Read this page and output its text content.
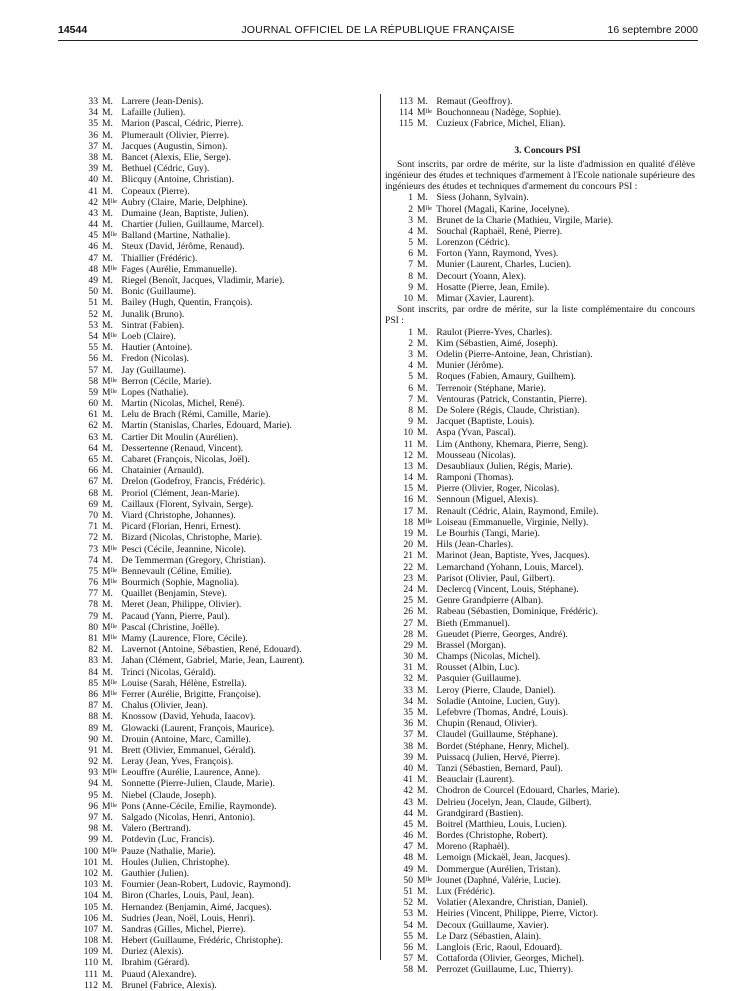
14544	JOURNAL OFFICIEL DE LA RÉPUBLIQUE FRANÇAISE	16 septembre 2000
33 M. Larrere (Jean-Denis).
34 M. Lafaille (Julien).
35 M. Marion (Pascal, Cédric, Pierre).
36 M. Plumerault (Olivier, Pierre).
37 M. Jacques (Augustin, Simon).
38 M. Bancet (Alexis, Elie, Serge).
39 M. Bethuel (Cédric, Guy).
40 M. Blicquy (Antoine, Christian).
41 M. Copeaux (Pierre).
42 $M^{lle}$ Aubry (Claire, Marie, Delphine).
43 M. Dumaine (Jean, Baptiste, Julien).
44 M. Chartier (Julien, Guillaume, Marcel).
45 $M^{lle}$ Balland (Martine, Nathalie).
46 M. Steux (David, Jérôme, Renaud).
47 M. Thiallier (Frédéric).
48 $M^{lle}$ Fages (Aurélie, Emmanuelle).
49 M. Riegel (Benoît, Jacques, Vladimir, Marie).
50 M. Bonic (Guillaume).
51 M. Bailey (Hugh, Quentin, François).
52 M. Junalik (Bruno).
53 M. Sintrat (Fabien).
54 $M^{lle}$ Loeb (Claire).
55 M. Hautier (Antoine).
56 M. Fredon (Nicolas).
57 M. Jay (Guillaume).
58 $M^{lle}$ Berron (Cécile, Marie).
59 $M^{lle}$ Lopes (Nathalie).
60 M. Martin (Nicolas, Michel, René).
61 M. Lelu de Brach (Rémi, Camille, Marie).
62 M. Martin (Stanislas, Charles, Edouard, Marie).
63 M. Cartier Dit Moulin (Aurélien).
64 M. Dessertenne (Renaud, Vincent).
65 M. Cabaret (François, Nicolas, Joël).
66 M. Chatainier (Arnauld).
67 M. Drelon (Godefroy, Francis, Frédéric).
68 M. Proriol (Clément, Jean-Marie).
69 M. Caillaux (Florent, Sylvain, Serge).
70 M. Viard (Christophe, Johannes).
71 M. Picard (Florian, Henri, Ernest).
72 M. Bizard (Nicolas, Christophe, Marie).
73 $M^{lle}$ Pesci (Cécile, Jeannine, Nicole).
74 M. De Temmerman (Gregory, Christian).
75 $M^{lle}$ Bennevault (Céline, Emilie).
76 $M^{lle}$ Bourmich (Sophie, Magnolia).
77 M. Quaillet (Benjamin, Steve).
78 M. Meret (Jean, Philippe, Olivier).
79 M. Pacaud (Yann, Pierre, Paul).
80 $M^{lle}$ Pascal (Christine, Joëlle).
81 $M^{lle}$ Mamy (Laurence, Flore, Cécile).
82 M. Lavernot (Antoine, Sébastien, René, Edouard).
83 M. Jahan (Clément, Gabriel, Marie, Jean, Laurent).
84 M. Trinci (Nicolas, Gérald).
85 $M^{lle}$ Louise (Sarah, Hélène, Estrella).
86 $M^{lle}$ Ferrer (Aurélie, Brigitte, Françoise).
87 M. Chalus (Olivier, Jean).
88 M. Knossow (David, Yehuda, Iaacov).
89 M. Glowacki (Laurent, François, Maurice).
90 M. Drouin (Antoine, Marc, Camille).
91 M. Brett (Olivier, Emmanuel, Gérald).
92 M. Leray (Jean, Yves, François).
93 $M^{lle}$ Leouffre (Aurélie, Laurence, Anne).
94 M. Sonnette (Pierre-Julien, Claude, Marie).
95 M. Niebel (Claude, Joseph).
96 $M^{lle}$ Pons (Anne-Cécile, Emilie, Raymonde).
97 M. Salgado (Nicolas, Henri, Antonio).
98 M. Valero (Bertrand).
99 M. Potdevin (Luc, Francis).
100 $M^{lle}$ Pauze (Nathalie, Marie).
101 M. Houles (Julien, Christophe).
102 M. Gauthier (Julien).
103 M. Fournier (Jean-Robert, Ludovic, Raymond).
104 M. Biron (Charles, Louis, Paul, Jean).
105 M. Hernandez (Benjamin, Aimé, Jacques).
106 M. Sudries (Jean, Noël, Louis, Henri).
107 M. Sandras (Gilles, Michel, Pierre).
108 M. Hebert (Guillaume, Frédéric, Christophe).
109 M. Duriez (Alexis).
110 M. Ibrahim (Gérard).
111 M. Puaud (Alexandre).
112 M. Brunel (Fabrice, Alexis).
113 M. Remaut (Geoffroy).
114 $M^{lle}$ Bouchonneau (Nadège, Sophie).
115 M. Cuzieux (Fabrice, Michel, Elian).
3. Concours PSI
Sont inscrits, par ordre de mérite, sur la liste d'admission en qualité d'élève ingénieur des études et techniques d'armement à l'Ecole nationale supérieure des ingénieurs des études et techniques d'armement du concours PSI :
1 M. Siess (Johann, Sylvain).
2 $M^{lle}$ Thorel (Magali, Karine, Jocelyne).
3 M. Brunet de la Charie (Mathieu, Virgile, Marie).
4 M. Souchal (Raphaël, René, Pierre).
5 M. Lorenzon (Cédric).
6 M. Forton (Yann, Raymond, Yves).
7 M. Munier (Laurent, Charles, Lucien).
8 M. Decourt (Yoann, Alex).
9 M. Hosatte (Pierre, Jean, Emile).
10 M. Mimar (Xavier, Laurent).
Sont inscrits, par ordre de mérite, sur la liste complémentaire du concours PSI :
1 M. Raulot (Pierre-Yves, Charles).
2 M. Kim (Sébastien, Aimé, Joseph).
3 M. Odelin (Pierre-Antoine, Jean, Christian).
4 M. Munier (Jérôme).
5 M. Roques (Fabien, Amaury, Guilhem).
6 M. Terrenoir (Stéphane, Marie).
7 M. Ventouras (Patrick, Constantin, Pierre).
8 M. De Solere (Régis, Claude, Christian).
9 M. Jacquet (Baptiste, Louis).
10 M. Aspa (Yvan, Pascal).
11 M. Lim (Anthony, Khemara, Pierre, Seng).
12 M. Mousseau (Nicolas).
13 M. Desaubliaux (Julien, Régis, Marie).
14 M. Ramponi (Thomas).
15 M. Pierre (Olivier, Roger, Nicolas).
16 M. Sennoun (Miguel, Alexis).
17 M. Renault (Cédric, Alain, Raymond, Emile).
18 $M^{lle}$ Loiseau (Emmanuelle, Virginie, Nelly).
19 M. Le Bourhis (Tangi, Marie).
20 M. Hils (Jean-Charles).
21 M. Marinot (Jean, Baptiste, Yves, Jacques).
22 M. Lemarchand (Yohann, Louis, Marcel).
23 M. Parisot (Olivier, Paul, Gilbert).
24 M. Declercq (Vincent, Louis, Stéphane).
25 M. Genre Grandpierre (Alban).
26 M. Rabeau (Sébastien, Dominique, Frédéric).
27 M. Bieth (Emmanuel).
28 M. Gueudet (Pierre, Georges, André).
29 M. Brassel (Morgan).
30 M. Champs (Nicolas, Michel).
31 M. Rousset (Albin, Luc).
32 M. Pasquier (Guillaume).
33 M. Leroy (Pierre, Claude, Daniel).
34 M. Soladie (Antoine, Lucien, Guy).
35 M. Lefebvre (Thomas, André, Louis).
36 M. Chupin (Renaud, Olivier).
37 M. Claudel (Guillaume, Stéphane).
38 M. Bordet (Stéphane, Henry, Michel).
39 M. Puissacq (Julien, Hervé, Pierre).
40 M. Tanzi (Sébastien, Bernard, Paul).
41 M. Beauclair (Laurent).
42 M. Chodron de Courcel (Edouard, Charles, Marie).
43 M. Delrieu (Jocelyn, Jean, Claude, Gilbert).
44 M. Grandgirard (Bastien).
45 M. Boitrel (Matthieu, Louis, Lucien).
46 M. Bordes (Christophe, Robert).
47 M. Moreno (Raphaël).
48 M. Lemoign (Mickaël, Jean, Jacques).
49 M. Dommergue (Aurélien, Tristan).
50 $M^{lle}$ Jounet (Daphné, Valérie, Lucie).
51 M. Lux (Frédéric).
52 M. Volatier (Alexandre, Christian, Daniel).
53 M. Heiries (Vincent, Philippe, Pierre, Victor).
54 M. Decoux (Guillaume, Xavier).
55 M. Le Darz (Sébastien, Alain).
56 M. Langlois (Eric, Raoul, Edouard).
57 M. Cottaforda (Olivier, Georges, Michel).
58 M. Perrozet (Guillaume, Luc, Thierry).
